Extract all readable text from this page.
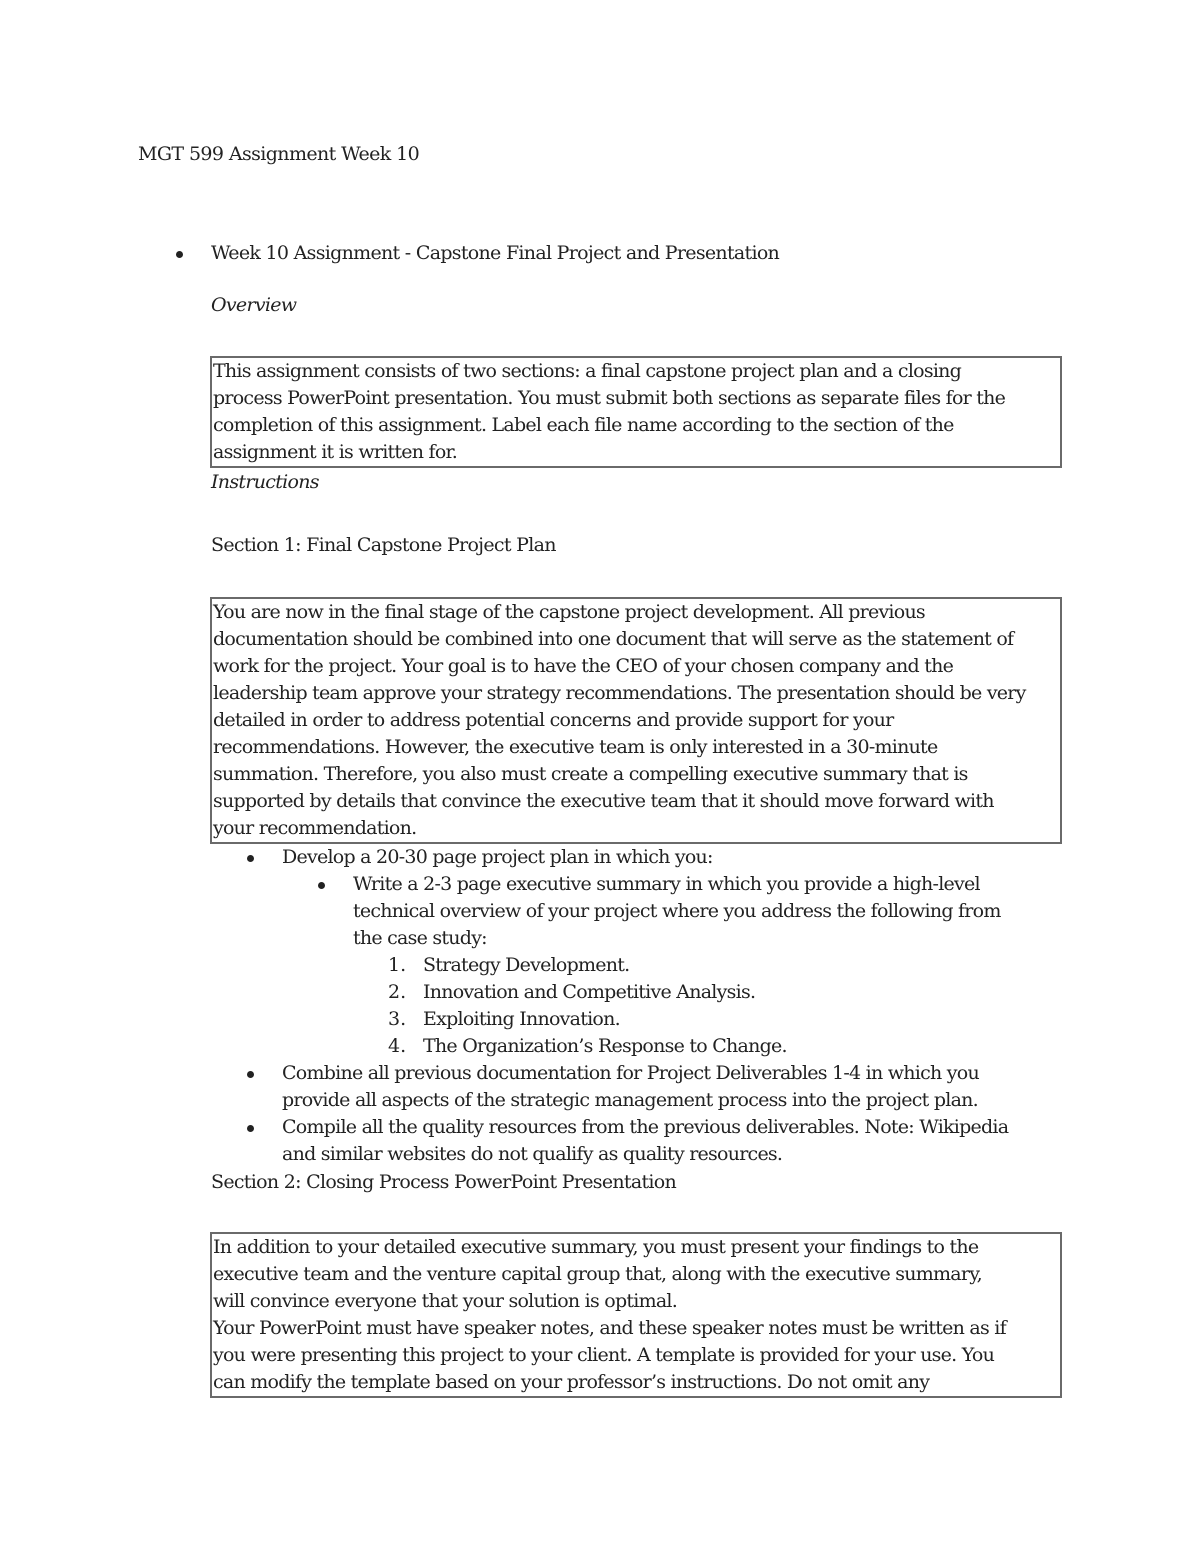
MGT 599 Assignment Week 10
Week 10 Assignment - Capstone Final Project and Presentation
Overview
This assignment consists of two sections: a final capstone project plan and a closing
process PowerPoint presentation. You must submit both sections as separate files for the
completion of this assignment. Label each file name according to the section of the
assignment it is written for.
Instructions
Section 1: Final Capstone Project Plan
You are now in the final stage of the capstone project development. All previous
documentation should be combined into one document that will serve as the statement of
work for the project. Your goal is to have the CEO of your chosen company and the
leadership team approve your strategy recommendations. The presentation should be very
detailed in order to address potential concerns and provide support for your
recommendations. However, the executive team is only interested in a 30-minute
summation. Therefore, you also must create a compelling executive summary that is
supported by details that convince the executive team that it should move forward with
your recommendation.
Develop a 20-30 page project plan in which you:
Write a 2-3 page executive summary in which you provide a high-level
technical overview of your project where you address the following from
the case study:
1. Strategy Development.
2. Innovation and Competitive Analysis.
3. Exploiting Innovation.
4. The Organization’s Response to Change.
Combine all previous documentation for Project Deliverables 1-4 in which you
provide all aspects of the strategic management process into the project plan.
Compile all the quality resources from the previous deliverables. Note: Wikipedia
and similar websites do not qualify as quality resources.
Section 2: Closing Process PowerPoint Presentation
In addition to your detailed executive summary, you must present your findings to the
executive team and the venture capital group that, along with the executive summary,
will convince everyone that your solution is optimal.
Your PowerPoint must have speaker notes, and these speaker notes must be written as if
you were presenting this project to your client. A template is provided for your use. You
can modify the template based on your professor’s instructions. Do not omit any
